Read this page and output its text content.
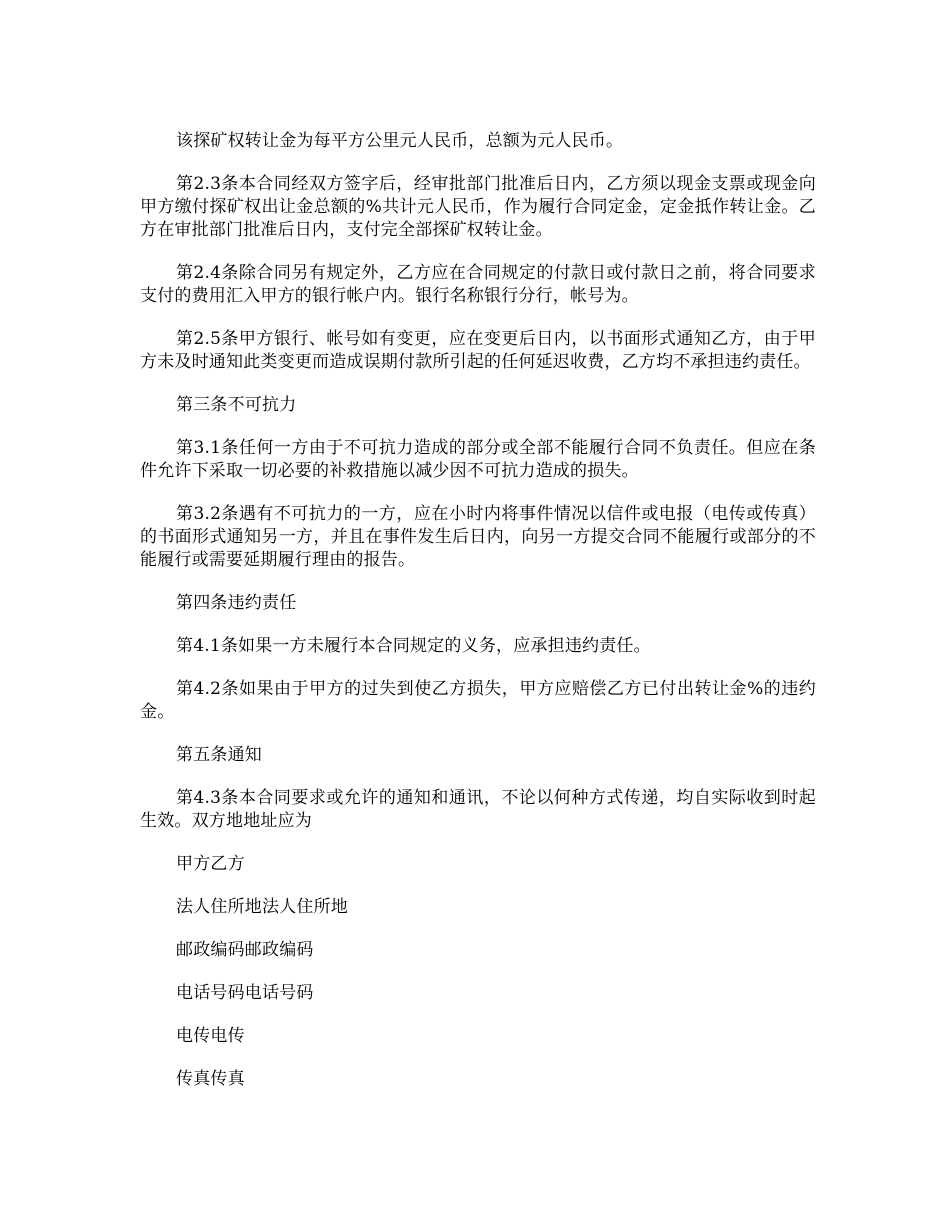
该探矿权转让金为每平方公里元人民币，总额为元人民币。

第2.3条本合同经双方签字后，经审批部门批准后日内，乙方须以现金支票或现金向甲方缴付探矿权出让金总额的%共计元人民币，作为履行合同定金，定金抵作转让金。乙方在审批部门批准后日内，支付完全部探矿权转让金。

第2.4条除合同另有规定外，乙方应在合同规定的付款日或付款日之前，将合同要求支付的费用汇入甲方的银行帐户内。银行名称银行分行，帐号为。

第2.5条甲方银行、帐号如有变更，应在变更后日内，以书面形式通知乙方，由于甲方未及时通知此类变更而造成误期付款所引起的任何延迟收费，乙方均不承担违约责任。

第三条不可抗力

第3.1条任何一方由于不可抗力造成的部分或全部不能履行合同不负责任。但应在条件允许下采取一切必要的补救措施以减少因不可抗力造成的损失。

第3.2条遇有不可抗力的一方，应在小时内将事件情况以信件或电报（电传或传真）的书面形式通知另一方，并且在事件发生后日内，向另一方提交合同不能履行或部分的不能履行或需要延期履行理由的报告。

第四条违约责任

第4.1条如果一方未履行本合同规定的义务，应承担违约责任。

第4.2条如果由于甲方的过失到使乙方损失，甲方应赔偿乙方已付出转让金%的违约金。

第五条通知

第4.3条本合同要求或允许的通知和通讯，不论以何种方式传递，均自实际收到时起生效。双方地地址应为

甲方乙方

法人住所地法人住所地

邮政编码邮政编码

电话号码电话号码

电传电传

传真传真
